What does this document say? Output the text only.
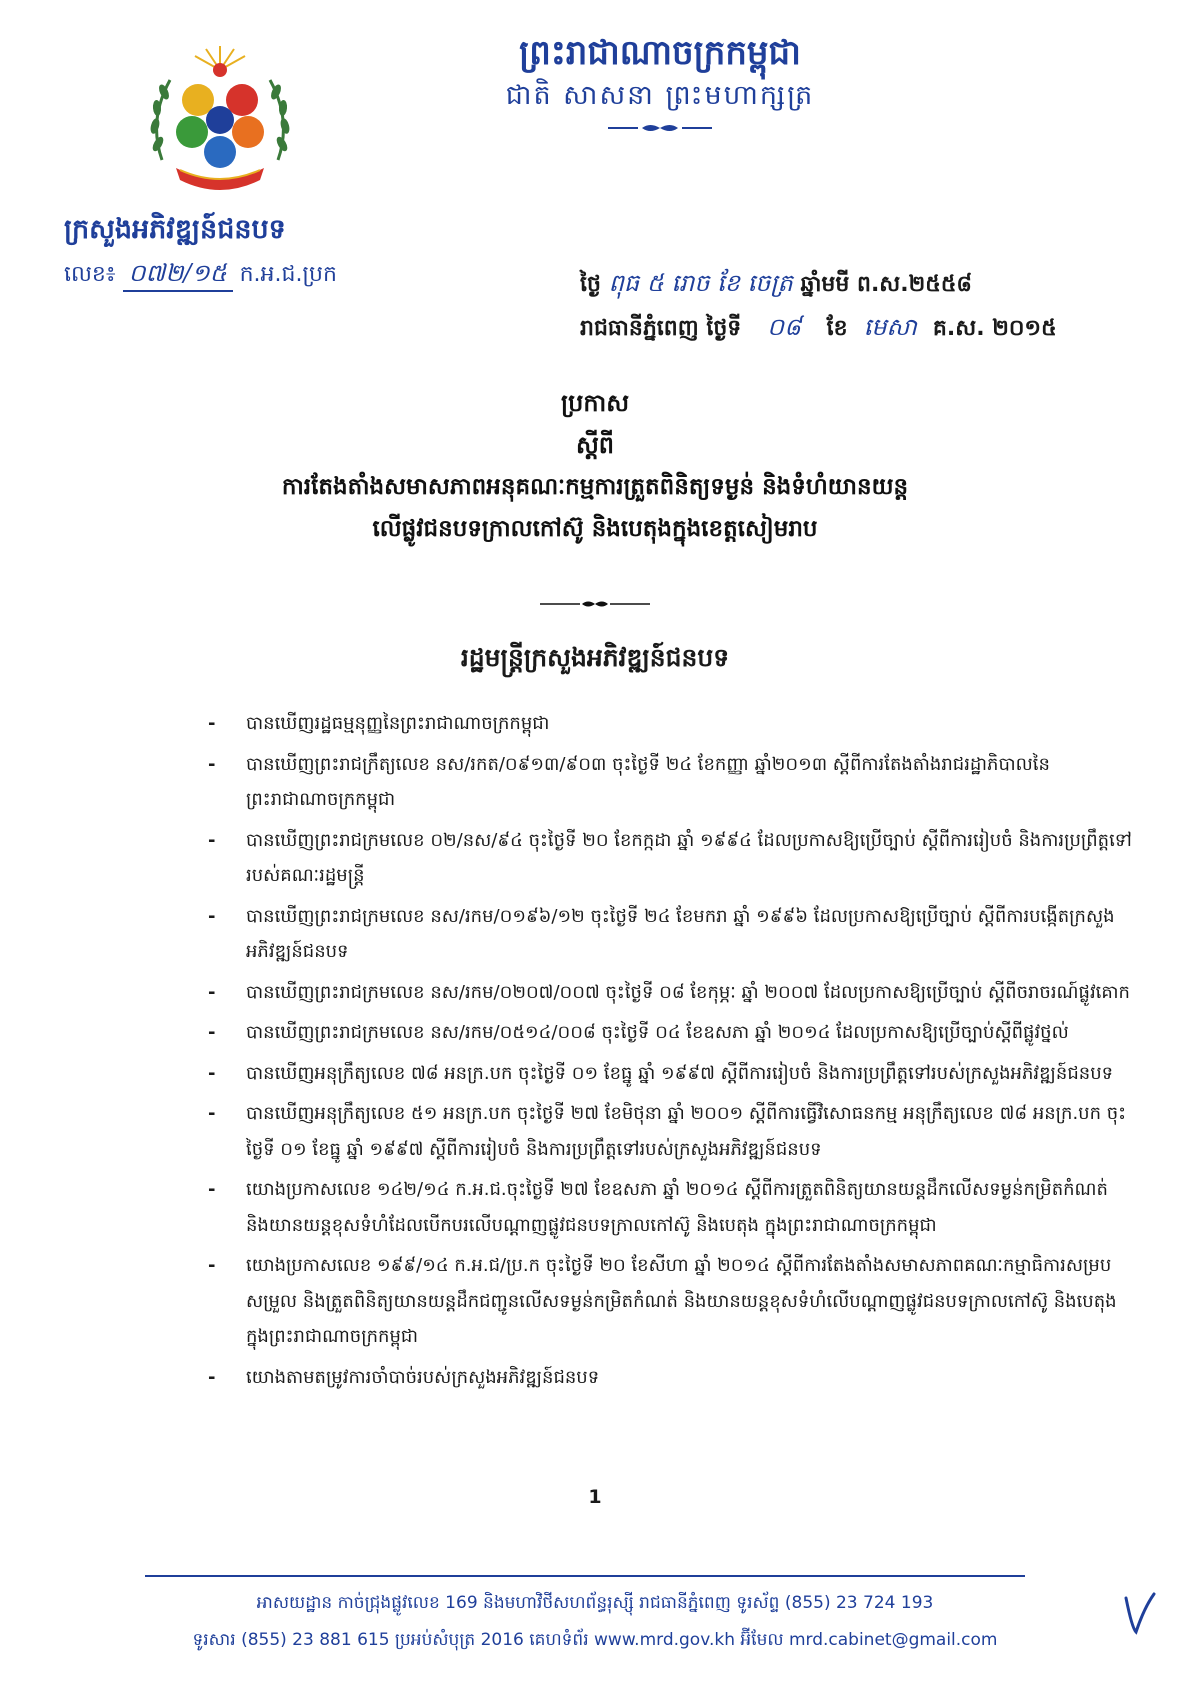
ព្រះរាជាណាចក្រកម្ពុជា
ជាតិ សាសនា ព្រះមហាក្សត្រ
ក្រសួងអភិវឌ្ឍន៍ជនបទ
លេខ៖ ០៧២/១៥ ក.អ.ជ.ប្រក	ថ្ងៃ ពុធ ៥ រោច ខែ ចេត្រ ឆ្នាំមមី ព.ស.២៥៥៨
រាជធានីភ្នំពេញ ថ្ងៃទី ០៨ ខែ មេសា គ.ស. ២០១៥
ប្រកាស
ស្តីពី
ការតែងតាំងសមាសភាពអនុគណៈកម្មការត្រួតពិនិត្យទម្ងន់ និងទំហំយានយន្ត
លើផ្លូវជនបទក្រាលកៅស៊ូ និងបេតុងក្នុងខេត្តសៀមរាប
រដ្ឋមន្ត្រីក្រសួងអភិវឌ្ឍន៍ជនបទ
- បានឃើញរដ្ឋធម្មនុញ្ញនៃព្រះរាជាណាចក្រកម្ពុជា
- បានឃើញព្រះរាជក្រឹត្យលេខ នស/រកត/០៩១៣/៩០៣ ចុះថ្ងៃទី ២៤ ខែកញ្ញា ឆ្នាំ២០១៣ ស្តីពីការតែងតាំងរាជរដ្ឋាភិបាលនៃព្រះរាជាណាចក្រកម្ពុជា
- បានឃើញព្រះរាជក្រមលេខ ០២/នស/៩៤ ចុះថ្ងៃទី ២០ ខែកក្កដា ឆ្នាំ ១៩៩៤ ដែលប្រកាសឱ្យប្រើច្បាប់ ស្តីពីការរៀបចំ និងការប្រព្រឹត្តទៅរបស់គណៈរដ្ឋមន្ត្រី
- បានឃើញព្រះរាជក្រមលេខ នស/រកម/០១៩៦/១២ ចុះថ្ងៃទី ២៤ ខែមករា ឆ្នាំ ១៩៩៦ ដែលប្រកាសឱ្យប្រើច្បាប់ ស្តីពីការបង្កើតក្រសួងអភិវឌ្ឍន៍ជនបទ
- បានឃើញព្រះរាជក្រមលេខ នស/រកម/០២០៧/០០៧ ចុះថ្ងៃទី ០៨ ខែកុម្ភៈ ឆ្នាំ ២០០៧ ដែលប្រកាសឱ្យប្រើច្បាប់ ស្តីពីចរាចរណ៍ផ្លូវគោក
- បានឃើញព្រះរាជក្រមលេខ នស/រកម/០៥១៤/០០៨ ចុះថ្ងៃទី ០៤ ខែឧសភា ឆ្នាំ ២០១៤ ដែលប្រកាសឱ្យប្រើច្បាប់ស្តីពីផ្លូវថ្នល់
- បានឃើញអនុក្រឹត្យលេខ ៧៨ អនក្រ.បក ចុះថ្ងៃទី ០១ ខែធ្នូ ឆ្នាំ ១៩៩៧ ស្តីពីការរៀបចំ និងការប្រព្រឹត្តទៅរបស់ក្រសួងអភិវឌ្ឍន៍ជនបទ
- បានឃើញអនុក្រឹត្យលេខ ៥១ អនក្រ.បក ចុះថ្ងៃទី ២៧ ខែមិថុនា ឆ្នាំ ២០០១ ស្តីពីការធ្វើវិសោធនកម្ម អនុក្រឹត្យលេខ ៧៨ អនក្រ.បក ចុះថ្ងៃទី ០១ ខែធ្នូ ឆ្នាំ ១៩៩៧ ស្តីពីការរៀបចំ និងការប្រព្រឹត្តទៅរបស់ក្រសួងអភិវឌ្ឍន៍ជនបទ
- យោងប្រកាសលេខ ១៤២/១៤ ក.អ.ជ.ចុះថ្ងៃទី ២៧ ខែឧសភា ឆ្នាំ ២០១៤ ស្តីពីការត្រួតពិនិត្យយានយន្តដឹកលើសទម្ងន់កម្រិតកំណត់ និងយានយន្តខុសទំហំដែលបើកបរលើបណ្តាញផ្លូវជនបទក្រាលកៅស៊ូ និងបេតុង ក្នុងព្រះរាជាណាចក្រកម្ពុជា
- យោងប្រកាសលេខ ១៩៩/១៤ ក.អ.ជ/ប្រ.ក ចុះថ្ងៃទី ២០ ខែសីហា ឆ្នាំ ២០១៤ ស្តីពីការតែងតាំងសមាសភាពគណៈកម្មាធិការសម្របសម្រួល និងត្រួតពិនិត្យយានយន្តដឹកជញ្ជូនលើសទម្ងន់កម្រិតកំណត់ និងយានយន្តខុសទំហំលើបណ្តាញផ្លូវជនបទក្រាលកៅស៊ូ និងបេតុង ក្នុងព្រះរាជាណាចក្រកម្ពុជា
- យោងតាមតម្រូវការចាំបាច់របស់ក្រសួងអភិវឌ្ឍន៍ជនបទ
1
អាសយដ្ឋាន កាច់ជ្រុងផ្លូវលេខ 169 និងមហាវិថីសហព័ន្ធរុស្ស៊ី រាជធានីភ្នំពេញ ទូរស័ព្ទ (855) 23 724 193
ទូរសារ (855) 23 881 615 ប្រអប់សំបុត្រ 2016 គេហទំព័រ www.mrd.gov.kh អ៊ីមែល mrd.cabinet@gmail.com
